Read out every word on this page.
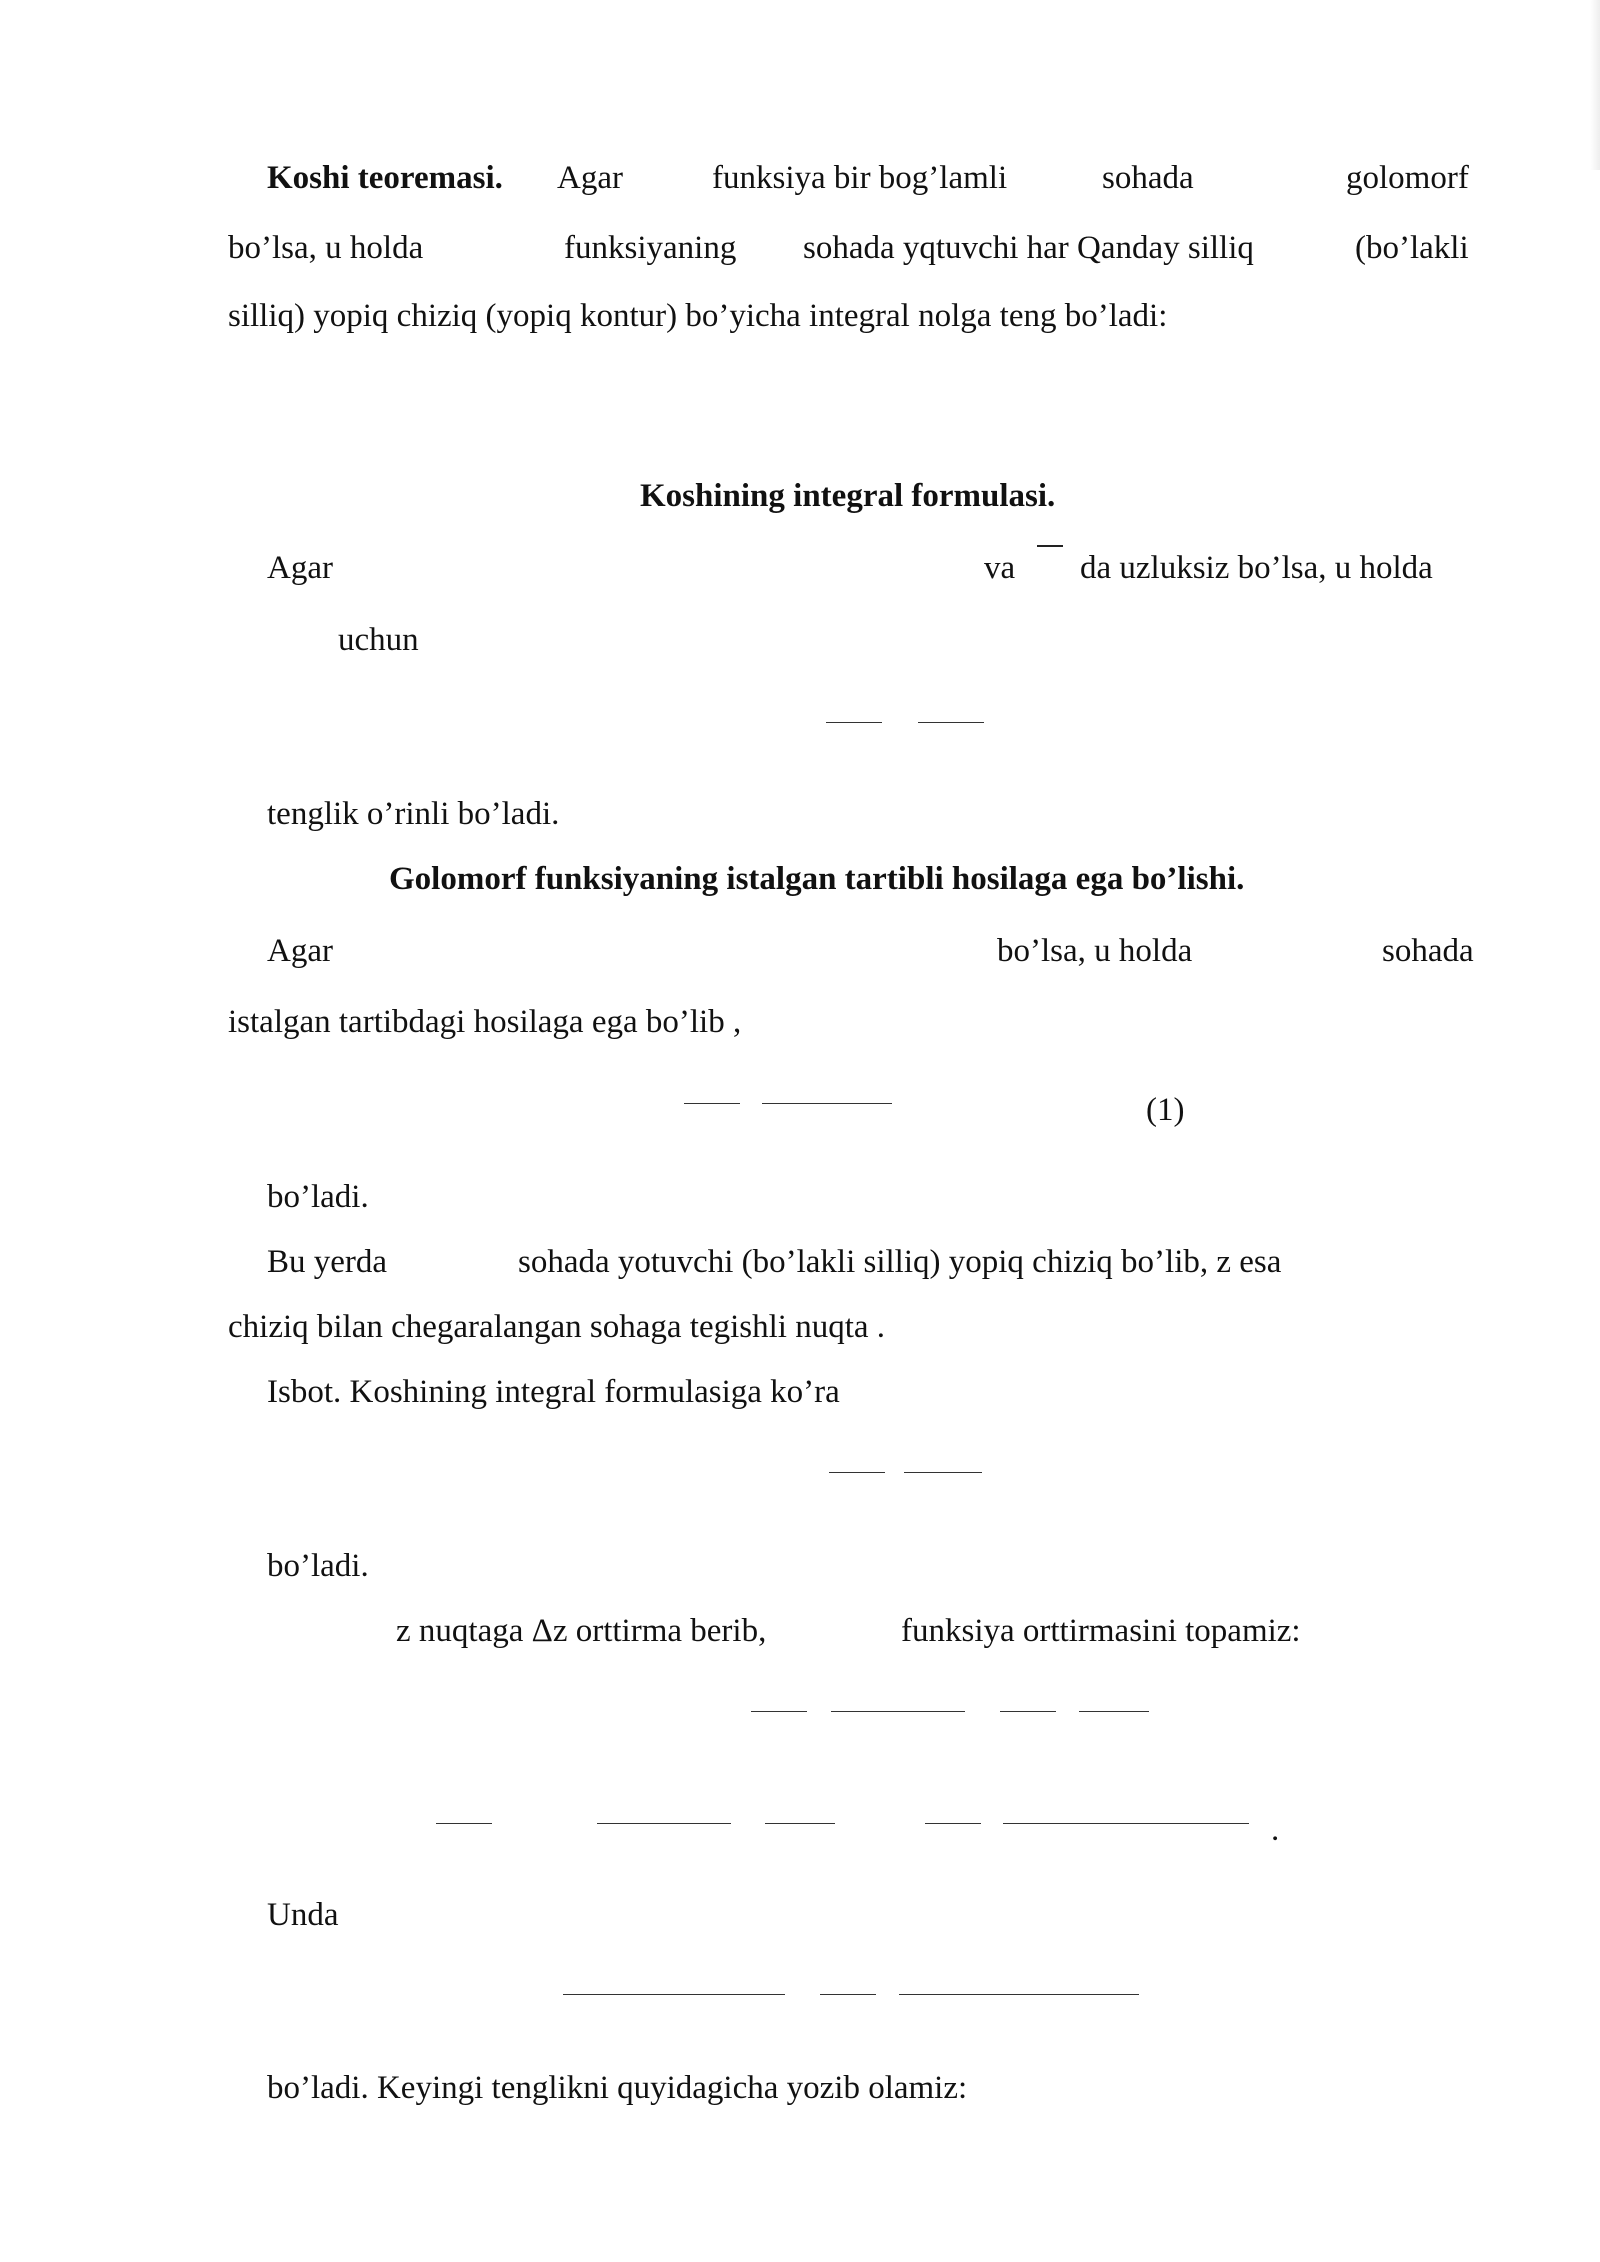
Koshi teoremasi. Agar	funksiya bir bog’lamli	sohada	golomorf
bo’lsa, u holda	funksiyaning sohada yqtuvchi har Qanday silliq	(bo’lakli
silliq) yopiq chiziq (yopiq kontur) bo’yicha integral nolga teng bo’ladi:
Koshining integral formulasi.
Agar	va da uzluksiz bo’lsa, u holda
uchun
tenglik o’rinli bo’ladi.
Golomorf funksiyaning istalgan tartibli hosilaga ega bo’lishi.
Agar	bo’lsa, u holda	sohada
istalgan tartibdagi hosilaga ega bo’lib ,
(1)
bo’ladi.
Bu yerda	sohada yotuvchi (bo’lakli silliq) yopiq chiziq bo’lib, z esa
chiziq bilan chegaralangan sohaga tegishli nuqta .
Isbot. Koshining integral formulasiga ko’ra
bo’ladi.
z nuqtaga Δz orttirma berib,	funksiya orttirmasini topamiz:
.
Unda
bo’ladi. Keyingi tenglikni quyidagicha yozib olamiz:
